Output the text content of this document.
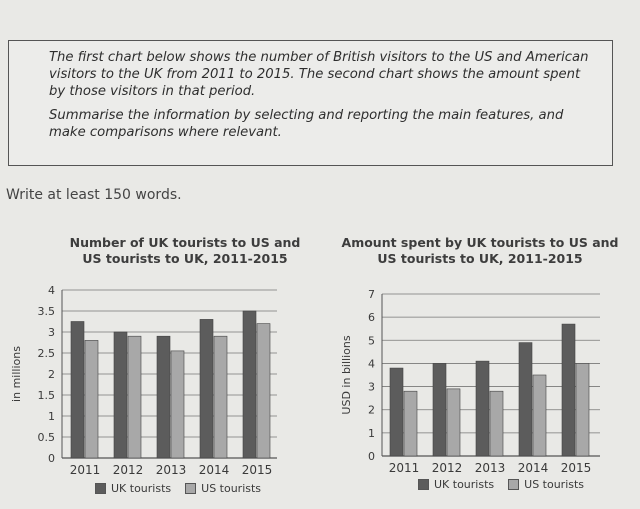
The first chart below shows the number of British visitors to the US and American visitors to the UK from 2011 to 2015. The second chart shows the amount spent by those visitors in that period.

Summarise the information by selecting and reporting the main features, and make comparisons where relevant.

Write at least 150 words.
Number of UK tourists to US and
US tourists to UK, 2011-2015
0
0.5
1
1.5
2
2.5
3
3.5
4
in millions
2011 2012 2013 2014 2015
UK tourists	US tourists
Amount spent by UK tourists to US and
US tourists to UK, 2011-2015
0
1
2
3
4
5
6
7
USD in billions
2011 2012 2013 2014 2015
UK tourists	US tourists
